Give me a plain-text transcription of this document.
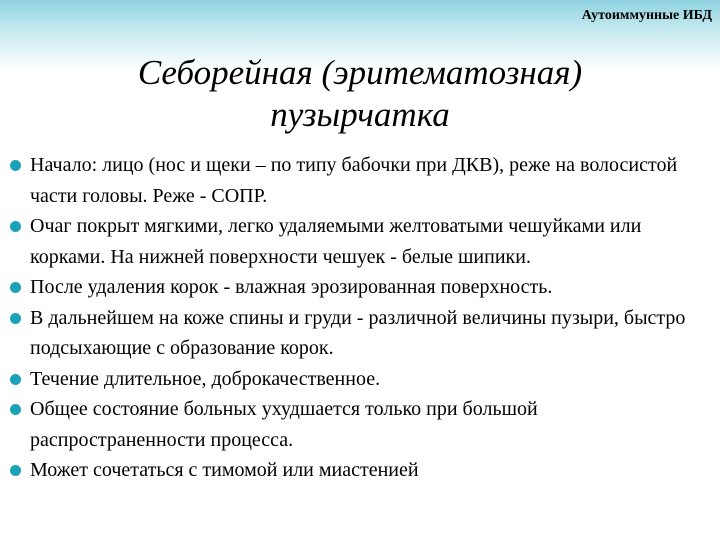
Аутоиммунные ИБД
Себорейная (эритематозная)
пузырчатка
Начало: лицо (нос и щеки – по типу бабочки при ДКВ), реже на волосистой части головы. Реже - СОПР.
Очаг покрыт мягкими, легко удаляемыми желтоватыми чешуйками или корками. На нижней поверхности чешуек - белые шипики.
После удаления корок - влажная эрозированная поверхность.
В дальнейшем на коже спины и груди - различной величины пузыри, быстро подсыхающие с образование корок.
Течение длительное, доброкачественное.
Общее состояние больных ухудшается только при большой распространенности процесса.
Может сочетаться с тимомой или миастенией
